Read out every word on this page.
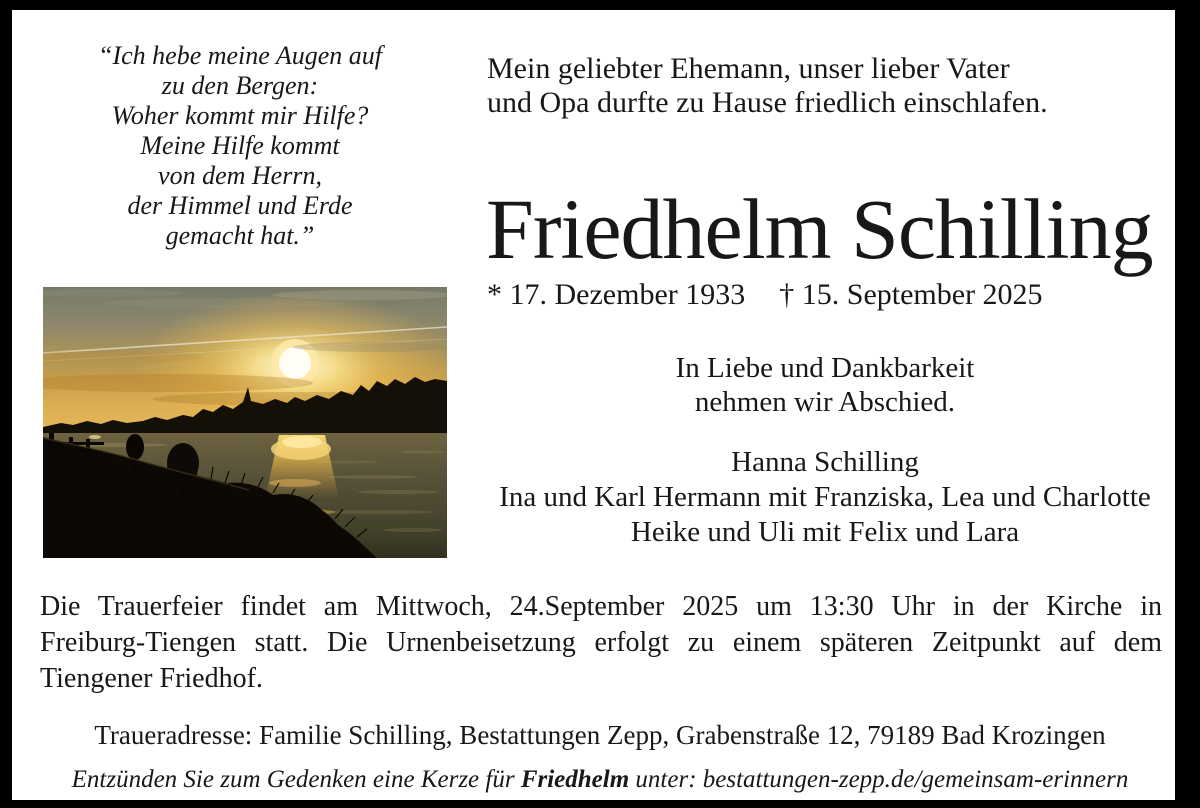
“Ich hebe meine Augen auf
zu den Bergen:
Woher kommt mir Hilfe?
Meine Hilfe kommt
von dem Herrn,
der Himmel und Erde
gemacht hat.”
Mein geliebter Ehemann, unser lieber Vater
und Opa durfte zu Hause friedlich einschlafen.
Friedhelm Schilling
* 17. Dezember 1933 † 15. September 2025
In Liebe und Dankbarkeit
nehmen wir Abschied.
Hanna Schilling
Ina und Karl Hermann mit Franziska, Lea und Charlotte
Heike und Uli mit Felix und Lara
Die Trauerfeier findet am Mittwoch, 24.September 2025 um 13:30 Uhr in der Kirche in
Freiburg-Tiengen statt. Die Urnenbeisetzung erfolgt zu einem späteren Zeitpunkt auf dem
Tiengener Friedhof.
Traueradresse: Familie Schilling, Bestattungen Zepp, Grabenstraße 12, 79189 Bad Krozingen
Entzünden Sie zum Gedenken eine Kerze für Friedhelm unter: bestattungen-zepp.de/gemeinsam-erinnern
